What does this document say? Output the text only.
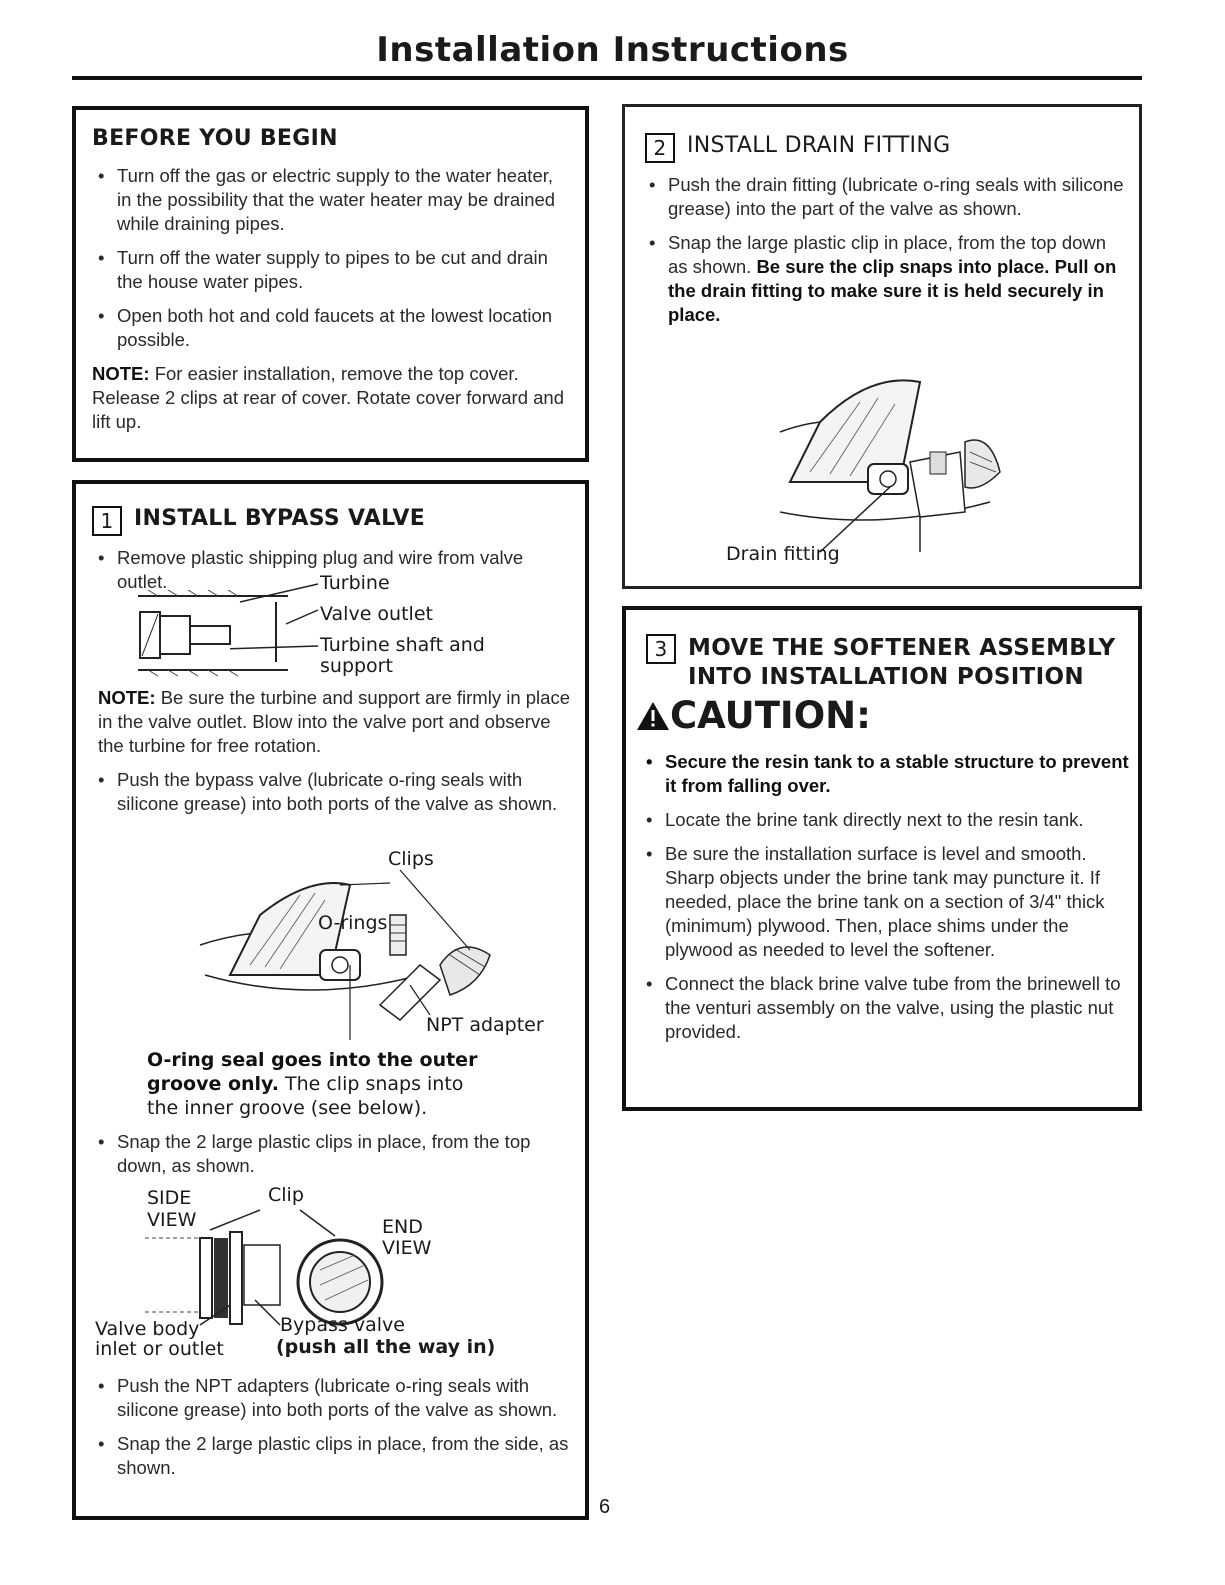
Installation Instructions
BEFORE YOU BEGIN
• Turn off the gas or electric supply to the water heater, in the possibility that the water heater may be drained while draining pipes.
• Turn off the water supply to pipes to be cut and drain the house water pipes.
• Open both hot and cold faucets at the lowest location possible.
NOTE: For easier installation, remove the top cover. Release 2 clips at rear of cover. Rotate cover forward and lift up.
1 INSTALL BYPASS VALVE
• Remove plastic shipping plug and wire from valve
outlet.	Turbine
Valve outlet
Turbine shaft and
support
NOTE: Be sure the turbine and support are firmly in place in the valve outlet. Blow into the valve port and observe the turbine for free rotation.
• Push the bypass valve (lubricate o-ring seals with silicone grease) into both ports of the valve as shown.
Clips
O-rings
NPT adapter
O-ring seal goes into the outer
groove only. The clip snaps into
the inner groove (see below).
• Snap the 2 large plastic clips in place, from the top down, as shown.
SIDE
VIEW
Clip
END
VIEW
Valve body
inlet or outlet
Bypass valve
(push all the way in)
• Push the NPT adapters (lubricate o-ring seals with silicone grease) into both ports of the valve as shown.
• Snap the 2 large plastic clips in place, from the side, as shown.
6
2 INSTALL DRAIN FITTING
• Push the drain fitting (lubricate o-ring seals with silicone grease) into the part of the valve as shown.
• Snap the large plastic clip in place, from the top down as shown. Be sure the clip snaps into place. Pull on the drain fitting to make sure it is held securely in place.
Drain fitting
3 MOVE THE SOFTENER ASSEMBLY
INTO INSTALLATION POSITION
CAUTION:
• Secure the resin tank to a stable structure to prevent it from falling over.
• Locate the brine tank directly next to the resin tank.
• Be sure the installation surface is level and smooth. Sharp objects under the brine tank may puncture it. If needed, place the brine tank on a section of 3/4" thick (minimum) plywood. Then, place shims under the plywood as needed to level the softener.
• Connect the black brine valve tube from the brinewell to the venturi assembly on the valve, using the plastic nut provided.
